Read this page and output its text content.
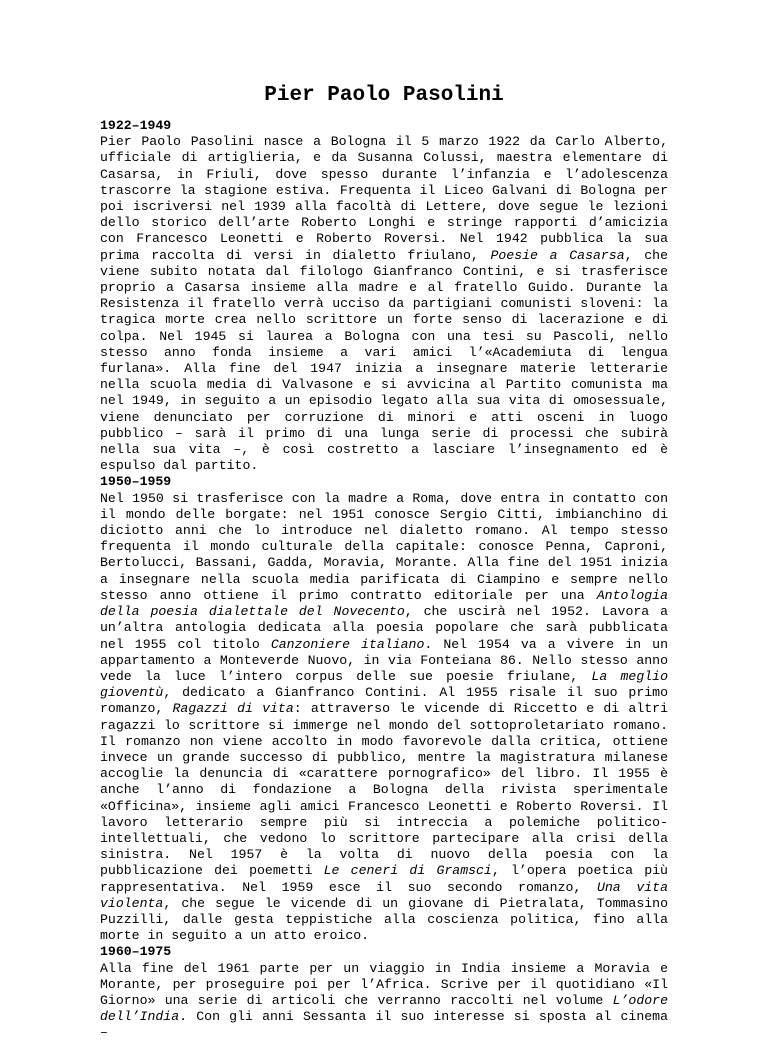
Pier Paolo Pasolini

1922–1949

Pier Paolo Pasolini nasce a Bologna il 5 marzo 1922 da Carlo Alberto, ufficiale di artiglieria, e da Susanna Colussi, maestra elementare di Casarsa, in Friuli, dove spesso durante l’infanzia e l’adolescenza trascorre la stagione estiva. Frequenta il Liceo Galvani di Bologna per poi iscriversi nel 1939 alla facoltà di Lettere, dove segue le lezioni dello storico dell’arte Roberto Longhi e stringe rapporti d’amicizia con Francesco Leonetti e Roberto Roversi. Nel 1942 pubblica la sua prima raccolta di versi in dialetto friulano, Poesie a Casarsa, che viene subito notata dal filologo Gianfranco Contini, e si trasferisce proprio a Casarsa insieme alla madre e al fratello Guido. Durante la Resistenza il fratello verrà ucciso da partigiani comunisti sloveni: la tragica morte crea nello scrittore un forte senso di lacerazione e di colpa. Nel 1945 si laurea a Bologna con una tesi su Pascoli, nello stesso anno fonda insieme a vari amici l’«Academiuta di lengua furlana». Alla fine del 1947 inizia a insegnare materie letterarie nella scuola media di Valvasone e si avvicina al Partito comunista ma nel 1949, in seguito a un episodio legato alla sua vita di omosessuale, viene denunciato per corruzione di minori e atti osceni in luogo pubblico – sarà il primo di una lunga serie di processi che subirà nella sua vita –, è così costretto a lasciare l’insegnamento ed è espulso dal partito.

1950–1959

Nel 1950 si trasferisce con la madre a Roma, dove entra in contatto con il mondo delle borgate: nel 1951 conosce Sergio Citti, imbianchino di diciotto anni che lo introduce nel dialetto romano. Al tempo stesso frequenta il mondo culturale della capitale: conosce Penna, Caproni, Bertolucci, Bassani, Gadda, Moravia, Morante. Alla fine del 1951 inizia a insegnare nella scuola media parificata di Ciampino e sempre nello stesso anno ottiene il primo contratto editoriale per una Antologia della poesia dialettale del Novecento, che uscirà nel 1952. Lavora a un’altra antologia dedicata alla poesia popolare che sarà pubblicata nel 1955 col titolo Canzoniere italiano. Nel 1954 va a vivere in un appartamento a Monteverde Nuovo, in via Fonteiana 86. Nello stesso anno vede la luce l’intero corpus delle sue poesie friulane, La meglio gioventù, dedicato a Gianfranco Contini. Al 1955 risale il suo primo romanzo, Ragazzi di vita: attraverso le vicende di Riccetto e di altri ragazzi lo scrittore si immerge nel mondo del sottoproletariato romano. Il romanzo non viene accolto in modo favorevole dalla critica, ottiene invece un grande successo di pubblico, mentre la magistratura milanese accoglie la denuncia di «carattere pornografico» del libro. Il 1955 è anche l’anno di fondazione a Bologna della rivista sperimentale «Officina», insieme agli amici Francesco Leonetti e Roberto Roversi. Il lavoro letterario sempre più si intreccia a polemiche politico-intellettuali, che vedono lo scrittore partecipare alla crisi della sinistra. Nel 1957 è la volta di nuovo della poesia con la pubblicazione dei poemetti Le ceneri di Gramsci, l’opera poetica più rappresentativa. Nel 1959 esce il suo secondo romanzo, Una vita violenta, che segue le vicende di un giovane di Pietralata, Tommasino Puzzilli, dalle gesta teppistiche alla coscienza politica, fino alla morte in seguito a un atto eroico.

1960–1975

Alla fine del 1961 parte per un viaggio in India insieme a Moravia e Morante, per proseguire poi per l’Africa. Scrive per il quotidiano «Il Giorno» una serie di articoli che verranno raccolti nel volume L’odore dell’India. Con gli anni Sessanta il suo interesse si sposta al cinema –
